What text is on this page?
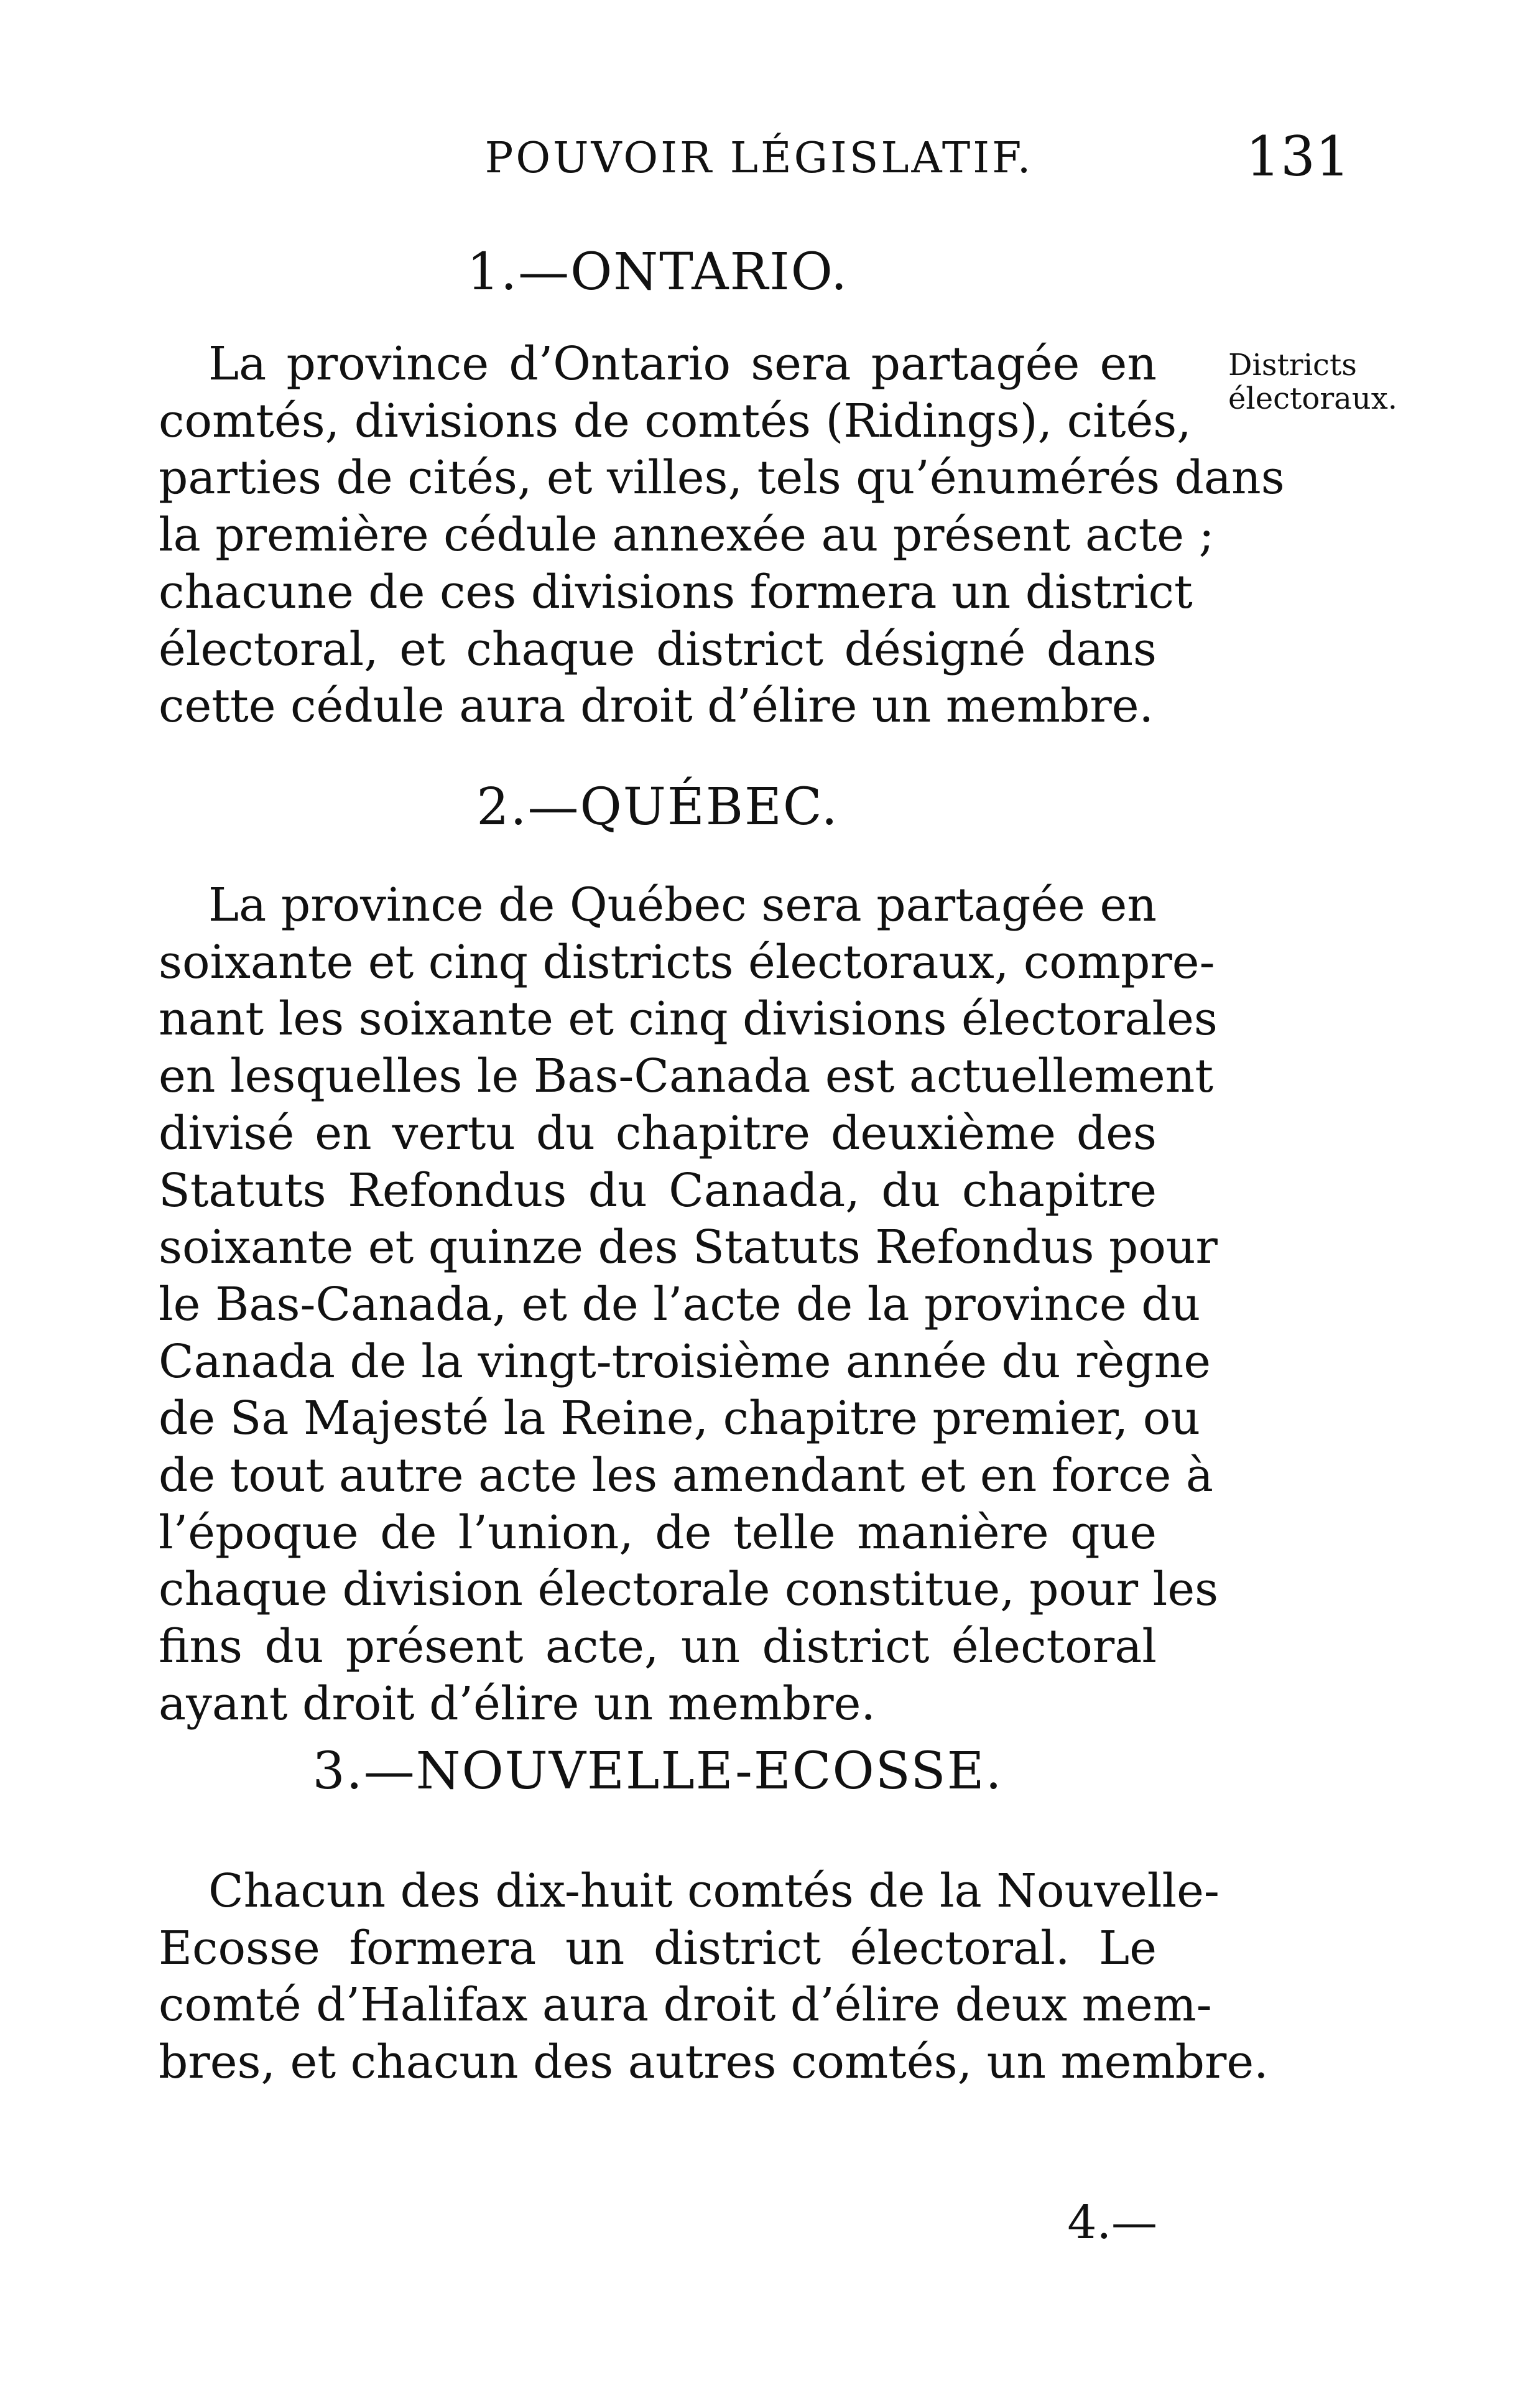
POUVOIR LÉGISLATIF.	131
Districts
électoraux.
1.—ONTARIO.
La province d’Ontario sera partagée en
comtés, divisions de comtés (Ridings), cités,
parties de cités, et villes, tels qu’énumérés dans
la première cédule annexée au présent acte ;
chacune de ces divisions formera un district
électoral, et chaque district désigné dans
cette cédule aura droit d’élire un membre.
2.—QUÉBEC.
La province de Québec sera partagée en
soixante et cinq districts électoraux, compre-
nant les soixante et cinq divisions électorales
en lesquelles le Bas-Canada est actuellement
divisé en vertu du chapitre deuxième des
Statuts Refondus du Canada, du chapitre
soixante et quinze des Statuts Refondus pour
le Bas-Canada, et de l’acte de la province du
Canada de la vingt-troisième année du règne
de Sa Majesté la Reine, chapitre premier, ou
de tout autre acte les amendant et en force à
l’époque de l’union, de telle manière que
chaque division électorale constitue, pour les
fins du présent acte, un district électoral
ayant droit d’élire un membre.
3.—NOUVELLE-ECOSSE.
Chacun des dix-huit comtés de la Nouvelle-
Ecosse formera un district électoral. Le
comté d’Halifax aura droit d’élire deux mem-
bres, et chacun des autres comtés, un membre.
4.—
